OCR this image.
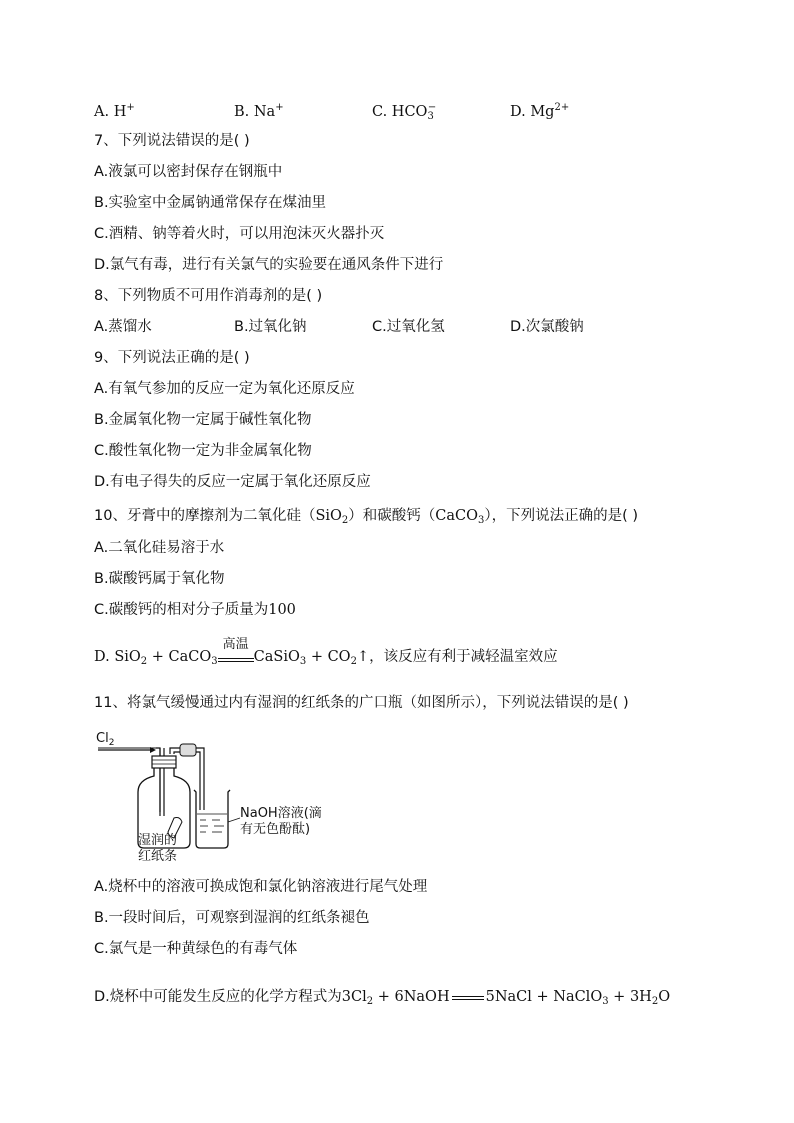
A. H+	B. Na+	C. $HCO_3^-$	D. $Mg^{2+}$
7、下列说法错误的是( )
A.液氯可以密封保存在钢瓶中
B.实验室中金属钠通常保存在煤油里
C.酒精、钠等着火时，可以用泡沫灭火器扑灭
D.氯气有毒，进行有关氯气的实验要在通风条件下进行
8、下列物质不可用作消毒剂的是( )
A.蒸馏水	B.过氧化钠	C.过氧化氢	D.次氯酸钠
9、下列说法正确的是( )
A.有氧气参加的反应一定为氧化还原反应
B.金属氧化物一定属于碱性氧化物
C.酸性氧化物一定为非金属氧化物
D.有电子得失的反应一定属于氧化还原反应
10、牙膏中的摩擦剂为二氧化硅（SiO$_2$）和碳酸钙（CaCO$_3$），下列说法正确的是( )
A.二氧化硅易溶于水
B.碳酸钙属于氧化物
C.碳酸钙的相对分子质量为100
D. SiO$_2$ + CaCO$_3$
高温
CaSiO$_3$ + $CO_2↑$，该反应有利于减轻温室效应
11、将氯气缓慢通过内有湿润的红纸条的广口瓶（如图所示），下列说法错误的是( )
$Cl_2$
NaOH溶液(滴
有无色酚酞)
湿润的
红纸条
A.烧杯中的溶液可换成饱和氯化钠溶液进行尾气处理
B.一段时间后，可观察到湿润的红纸条褪色
C.氯气是一种黄绿色的有毒气体
D.烧杯中可能发生反应的化学方程式为$3Cl_2$ + 6NaOH 5NaCl + NaClO$_3$ + $3H_2O$
